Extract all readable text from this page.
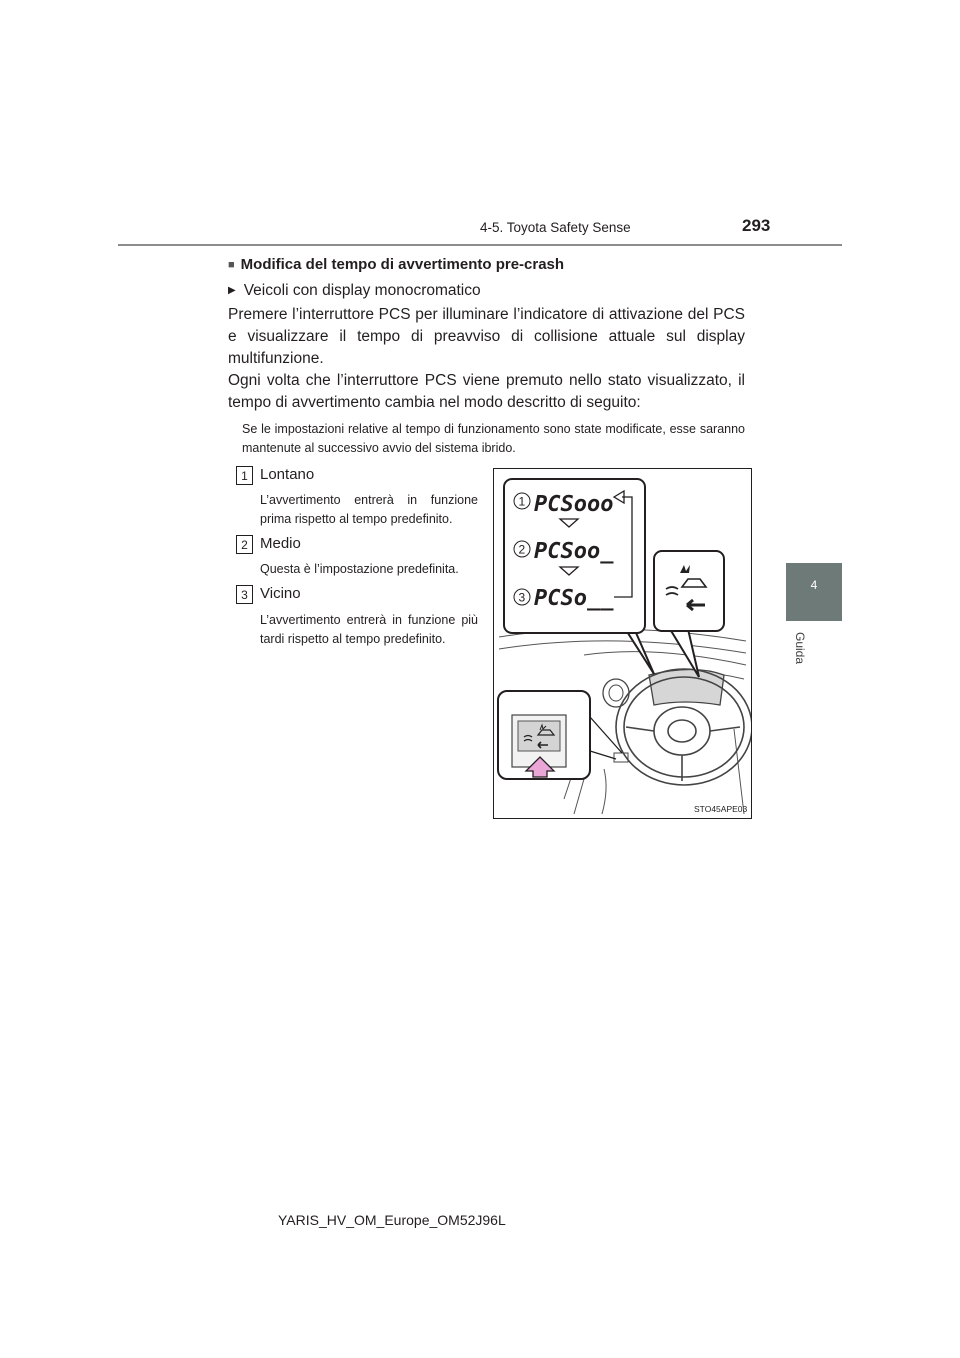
4-5. Toyota Safety Sense	293
4
Guida
■ Modifica del tempo di avvertimento pre-crash
▶ Veicoli con display monocromatico
Premere l’interruttore PCS per illuminare l’indicatore di attivazione del PCS e visualizzare il tempo di preavviso di collisione attuale sul display multifunzione.
Ogni volta che l’interruttore PCS viene premuto nello stato visualizzato, il tempo di avvertimento cambia nel modo descritto di seguito:
Se le impostazioni relative al tempo di funzionamento sono state modificate, esse saranno mantenute al successivo avvio del sistema ibrido.
1 Lontano
L’avvertimento entrerà in funzione prima rispetto al tempo predefinito.
2 Medio
Questa è l’impostazione predefinita.
3 Vicino
L’avvertimento entrerà in funzione più tardi rispetto al tempo predefinito.
PCSooo
PCSoo_
PCSo__
1
2
3
STO45APE03
YARIS_HV_OM_Europe_OM52J96L
